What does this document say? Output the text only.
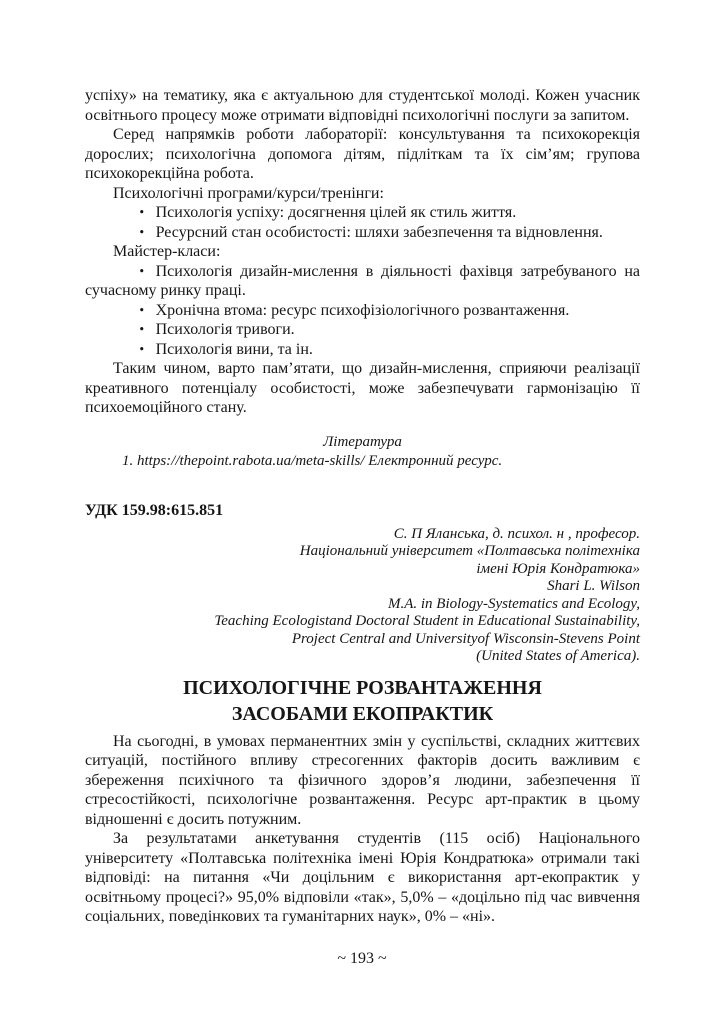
успіху» на тематику, яка є актуальною для студентської молоді. Кожен учасник освітнього процесу може отримати відповідні психологічні послуги за запитом.

Серед напрямків роботи лабораторії: консультування та психокорекція дорослих; психологічна допомога дітям, підліткам та їх сім’ям; групова психокорекційна робота.

Психологічні програми/курси/тренінги:

• Психологія успіху: досягнення цілей як стиль життя.

• Ресурсний стан особистості: шляхи забезпечення та відновлення.

Майстер-класи:

• Психологія дизайн-мислення в діяльності фахівця затребуваного на сучасному ринку праці.

• Хронічна втома: ресурс психофізіологічного розвантаження.

• Психологія тривоги.

• Психологія вини, та ін.

Таким чином, варто пам’ятати, що дизайн-мислення, сприяючи реалізації креативного потенціалу особистості, може забезпечувати гармонізацію її психоемоційного стану.

Література

1. https://thepoint.rabota.ua/meta-skills/ Електронний ресурс.

УДК 159.98:615.851

С. П Яланська, д. психол. н , професор.
Національний університет «Полтавська політехніка
імені Юрія Кондратюка»
Shari L. Wilson
M.A. in Biology-Systematics and Ecology,
Teaching Ecologistand Doctoral Student in Educational Sustainability,
Project Central and Universityof Wisconsin-Stevens Point
(United States of America).
ПСИХОЛОГІЧНЕ РОЗВАНТАЖЕННЯ
ЗАСОБАМИ ЕКОПРАКТИК

На сьогодні, в умовах перманентних змін у суспільстві, складних життєвих ситуацій, постійного впливу стресогенних факторів досить важливим є збереження психічного та фізичного здоров’я людини, забезпечення її стресостійкості, психологічне розвантаження. Ресурс арт-практик в цьому відношенні є досить потужним.

За результатами анкетування студентів (115 осіб) Національного університету «Полтавська політехніка імені Юрія Кондратюка» отримали такі відповіді: на питання «Чи доцільним є використання арт-екопрактик у освітньому процесі?» 95,0% відповіли «так», 5,0% – «доцільно під час вивчення соціальних, поведінкових та гуманітарних наук», 0% – «ні».

~ 193 ~
